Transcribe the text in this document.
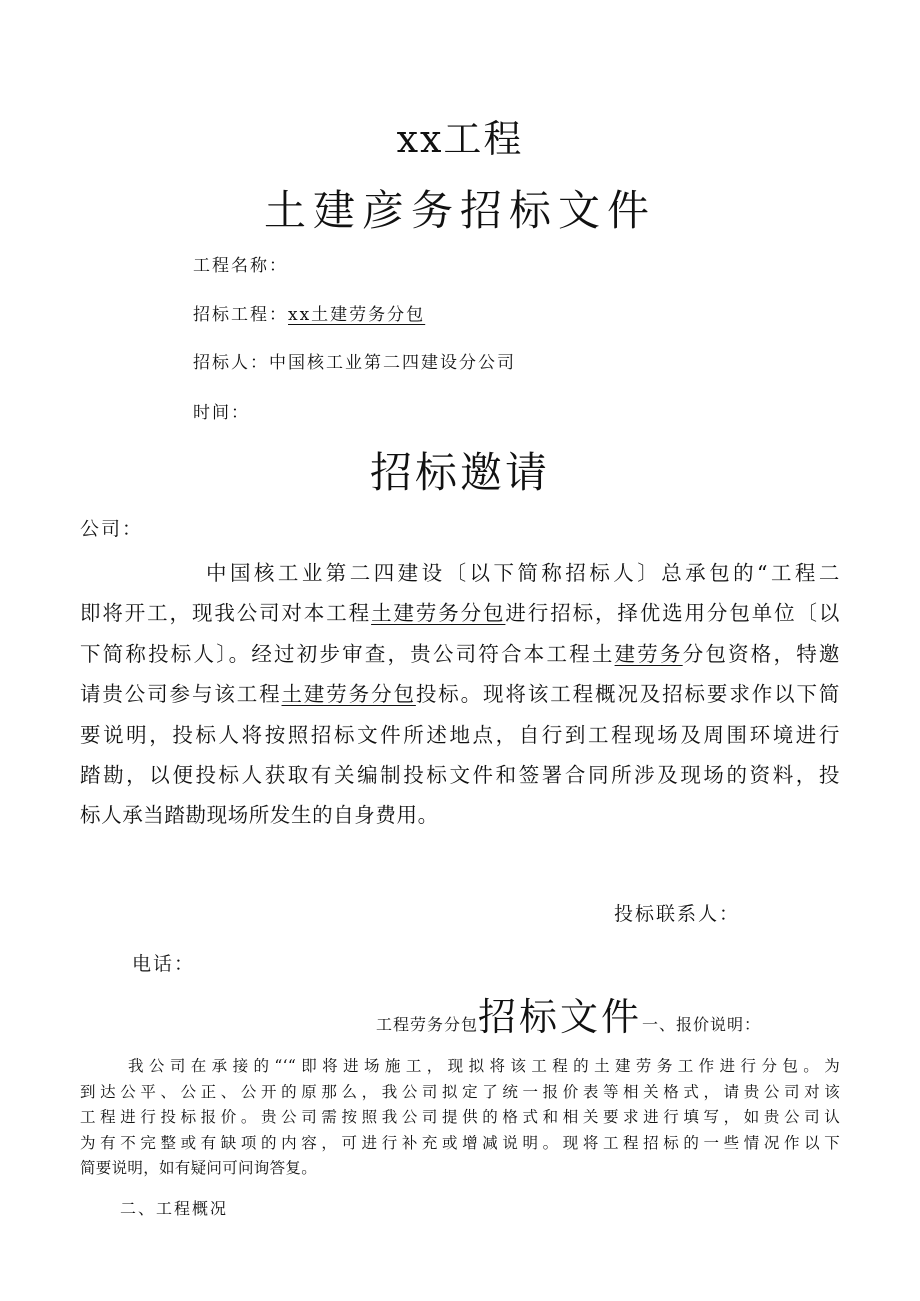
xx工程
土建彦务招标文件
工程名称：
招标工程：xx土建劳务分包
招标人：中国核工业第二四建设分公司
时间：
招标邀请
公司：
中国核工业第二四建设〔以下简称招标人〕总承包的“工程二
即将开工，现我公司对本工程土建劳务分包进行招标，择优选用分包单位〔以
下简称投标人〕。经过初步审查，贵公司符合本工程土建劳务分包资格，特邀
请贵公司参与该工程土建劳务分包投标。现将该工程概况及招标要求作以下简
要说明，投标人将按照招标文件所述地点，自行到工程现场及周围环境进行
踏勘，以便投标人获取有关编制投标文件和签署合同所涉及现场的资料，投
标人承当踏勘现场所发生的自身费用。
投标联系人：
电话：
工程劳务分包招标文件一、报价说明：
我公司在承接的“‘“即将进场施工，现拟将该工程的土建劳务工作进行分包。为
到达公平、公正、公开的原那么，我公司拟定了统一报价表等相关格式，请贵公司对该
工程进行投标报价。贵公司需按照我公司提供的格式和相关要求进行填写，如贵公司认
为有不完整或有缺项的内容，可进行补充或增减说明。现将工程招标的一些情况作以下
简要说明，如有疑问可问询答复。
二、工程概况
